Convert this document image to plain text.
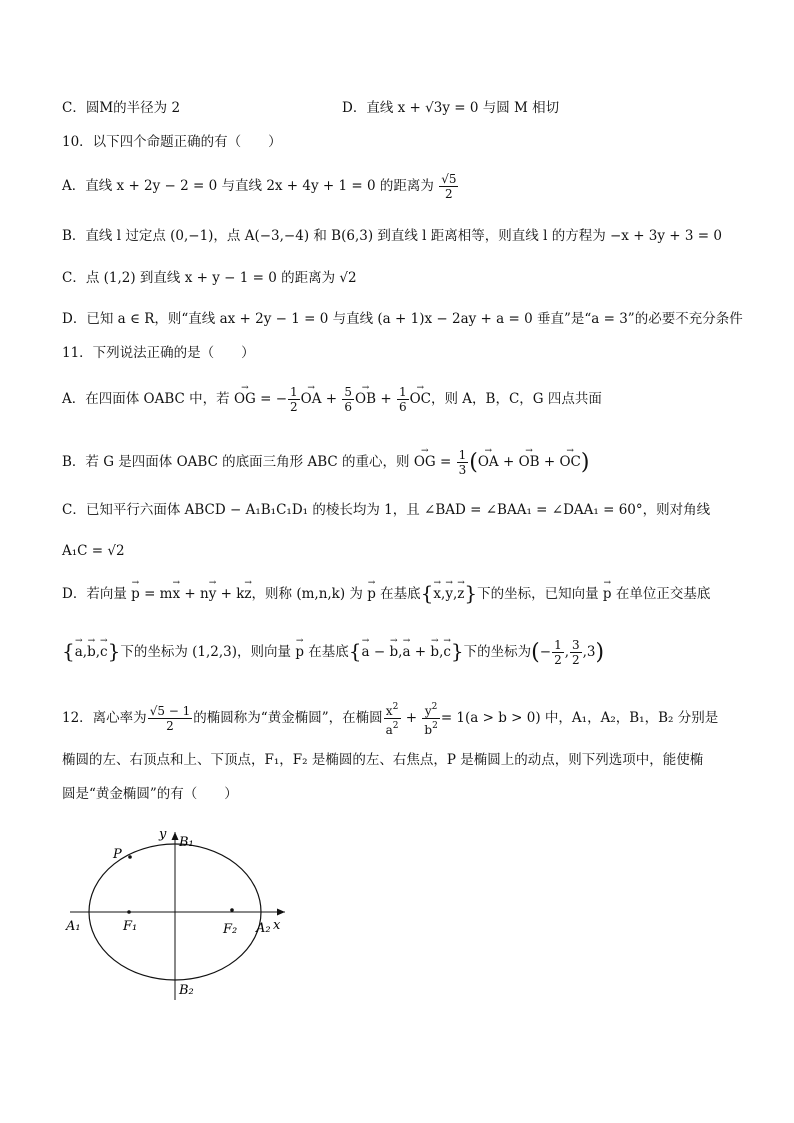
C．圆M的半径为 2	D．直线 x + √3y = 0 与圆 M 相切
10．以下四个命题正确的有（　　）
A．直线 x + 2y − 2 = 0 与直线 2x + 4y + 1 = 0 的距离为 $\frac{√5}{2}$
B．直线 l 过定点 (0,−1)，点 A(−3,−4) 和 B(6,3) 到直线 l 距离相等，则直线 l 的方程为 −x + 3y + 3 = 0
C．点 (1,2) 到直线 x + y − 1 = 0 的距离为 √2
D．已知 a ∈ R，则“直线 ax + 2y − 1 = 0 与直线 (a + 1)x − 2ay + a = 0 垂直”是“a = 3”的必要不充分条件
11．下列说法正确的是（　　）
A．在四面体 OABC 中，若 → OG = − $\frac{1}{2}$ → OA + $\frac{5}{6}$ → OB + $\frac{1}{6}$ → OC，则 A，B，C，G 四点共面
B．若 G 是四面体 OABC 的底面三角形 ABC 的重心，则 → OG = $\frac{1}{3}$ (→ OA + → OB + → OC)
C．已知平行六面体 ABCD − A₁B₁C₁D₁ 的棱长均为 1，且 ∠BAD = ∠BAA₁ = ∠DAA₁ = 60°，则对角线
A₁C = √2
D．若向量 → p = m→ x + n→ y + k→ z，则称 (m,n,k) 为 → p 在基底{→ x,→ y,→ z}下的坐标，已知向量 → p 在单位正交基底
{→ a,→ b,→ c}下的坐标为 (1,2,3)，则向量 → p 在基底{→ a − → b,→ a + → b,→ c}下的坐标为(− $\frac{1}{2}$ , $\frac{3}{2} ,3$)
12．离心率为 $\frac{√5 - 1}{2}$ 的椭圆称为“黄金椭圆”，在椭圆 $\frac{x^2}{a^2} + \frac{y^2}{b^2} = 1(a > b > 0)$ 中，A₁，A₂，B₁，B₂ 分别是
椭圆的左、右顶点和上、下顶点，F₁，F₂ 是椭圆的左、右焦点，P 是椭圆上的动点，则下列选项中，能使椭
圆是“黄金椭圆”的有（　　）
y
B₁
P
A₁	F₁	F₂ A₂ x
B₂
